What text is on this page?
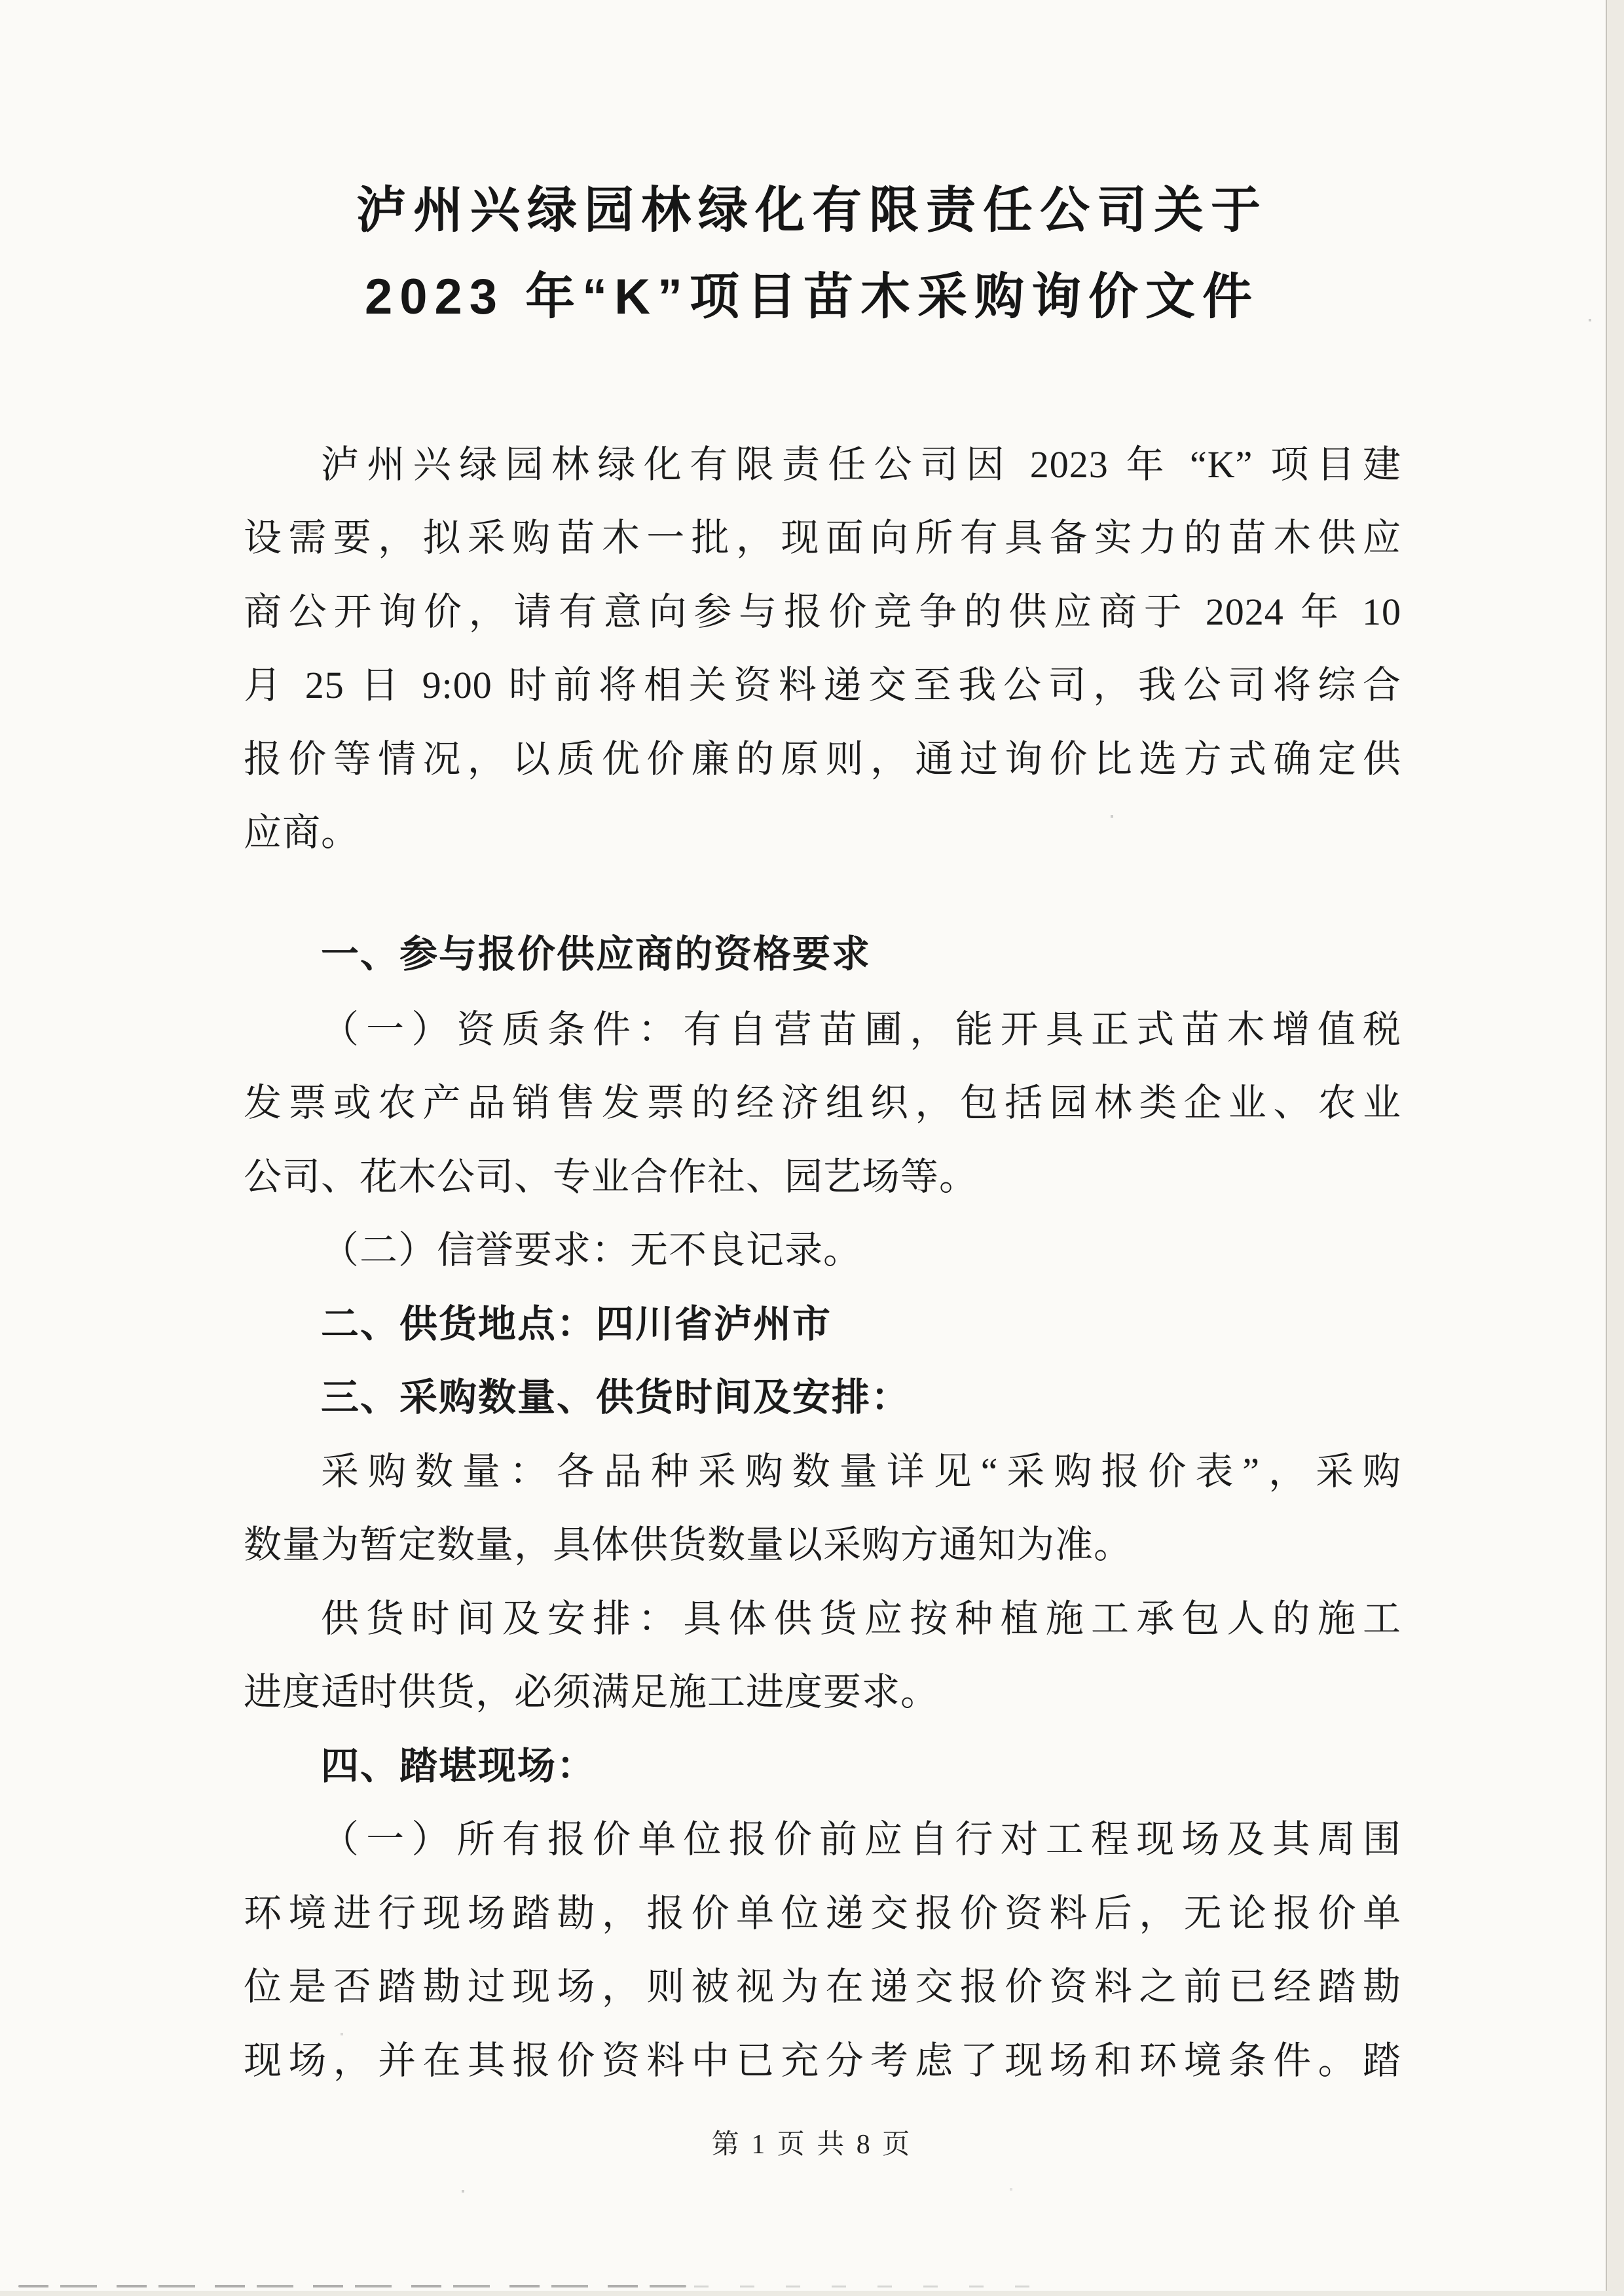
泸州兴绿园林绿化有限责任公司关于
2023 年“K”项目苗木采购询价文件
泸州兴绿园林绿化有限责任公司因 2023 年 “K” 项目建
设需要，拟采购苗木一批，现面向所有具备实力的苗木供应
商公开询价，请有意向参与报价竞争的供应商于 2024 年 10
月 25 日 9:00 时前将相关资料递交至我公司，我公司将综合
报价等情况，以质优价廉的原则，通过询价比选方式确定供
应商。
一、参与报价供应商的资格要求
（一）资质条件：有自营苗圃，能开具正式苗木增值税
发票或农产品销售发票的经济组织，包括园林类企业、农业
公司、花木公司、专业合作社、园艺场等。
（二）信誉要求：无不良记录。
二、供货地点：四川省泸州市
三、采购数量、供货时间及安排：
采购数量：各品种采购数量详见“采购报价表”，采购
数量为暂定数量，具体供货数量以采购方通知为准。
供货时间及安排：具体供货应按种植施工承包人的施工
进度适时供货，必须满足施工进度要求。
四、踏堪现场：
（一）所有报价单位报价前应自行对工程现场及其周围
环境进行现场踏勘，报价单位递交报价资料后，无论报价单
位是否踏勘过现场，则被视为在递交报价资料之前已经踏勘
现场，并在其报价资料中已充分考虑了现场和环境条件。踏
第 1 页 共 8 页
